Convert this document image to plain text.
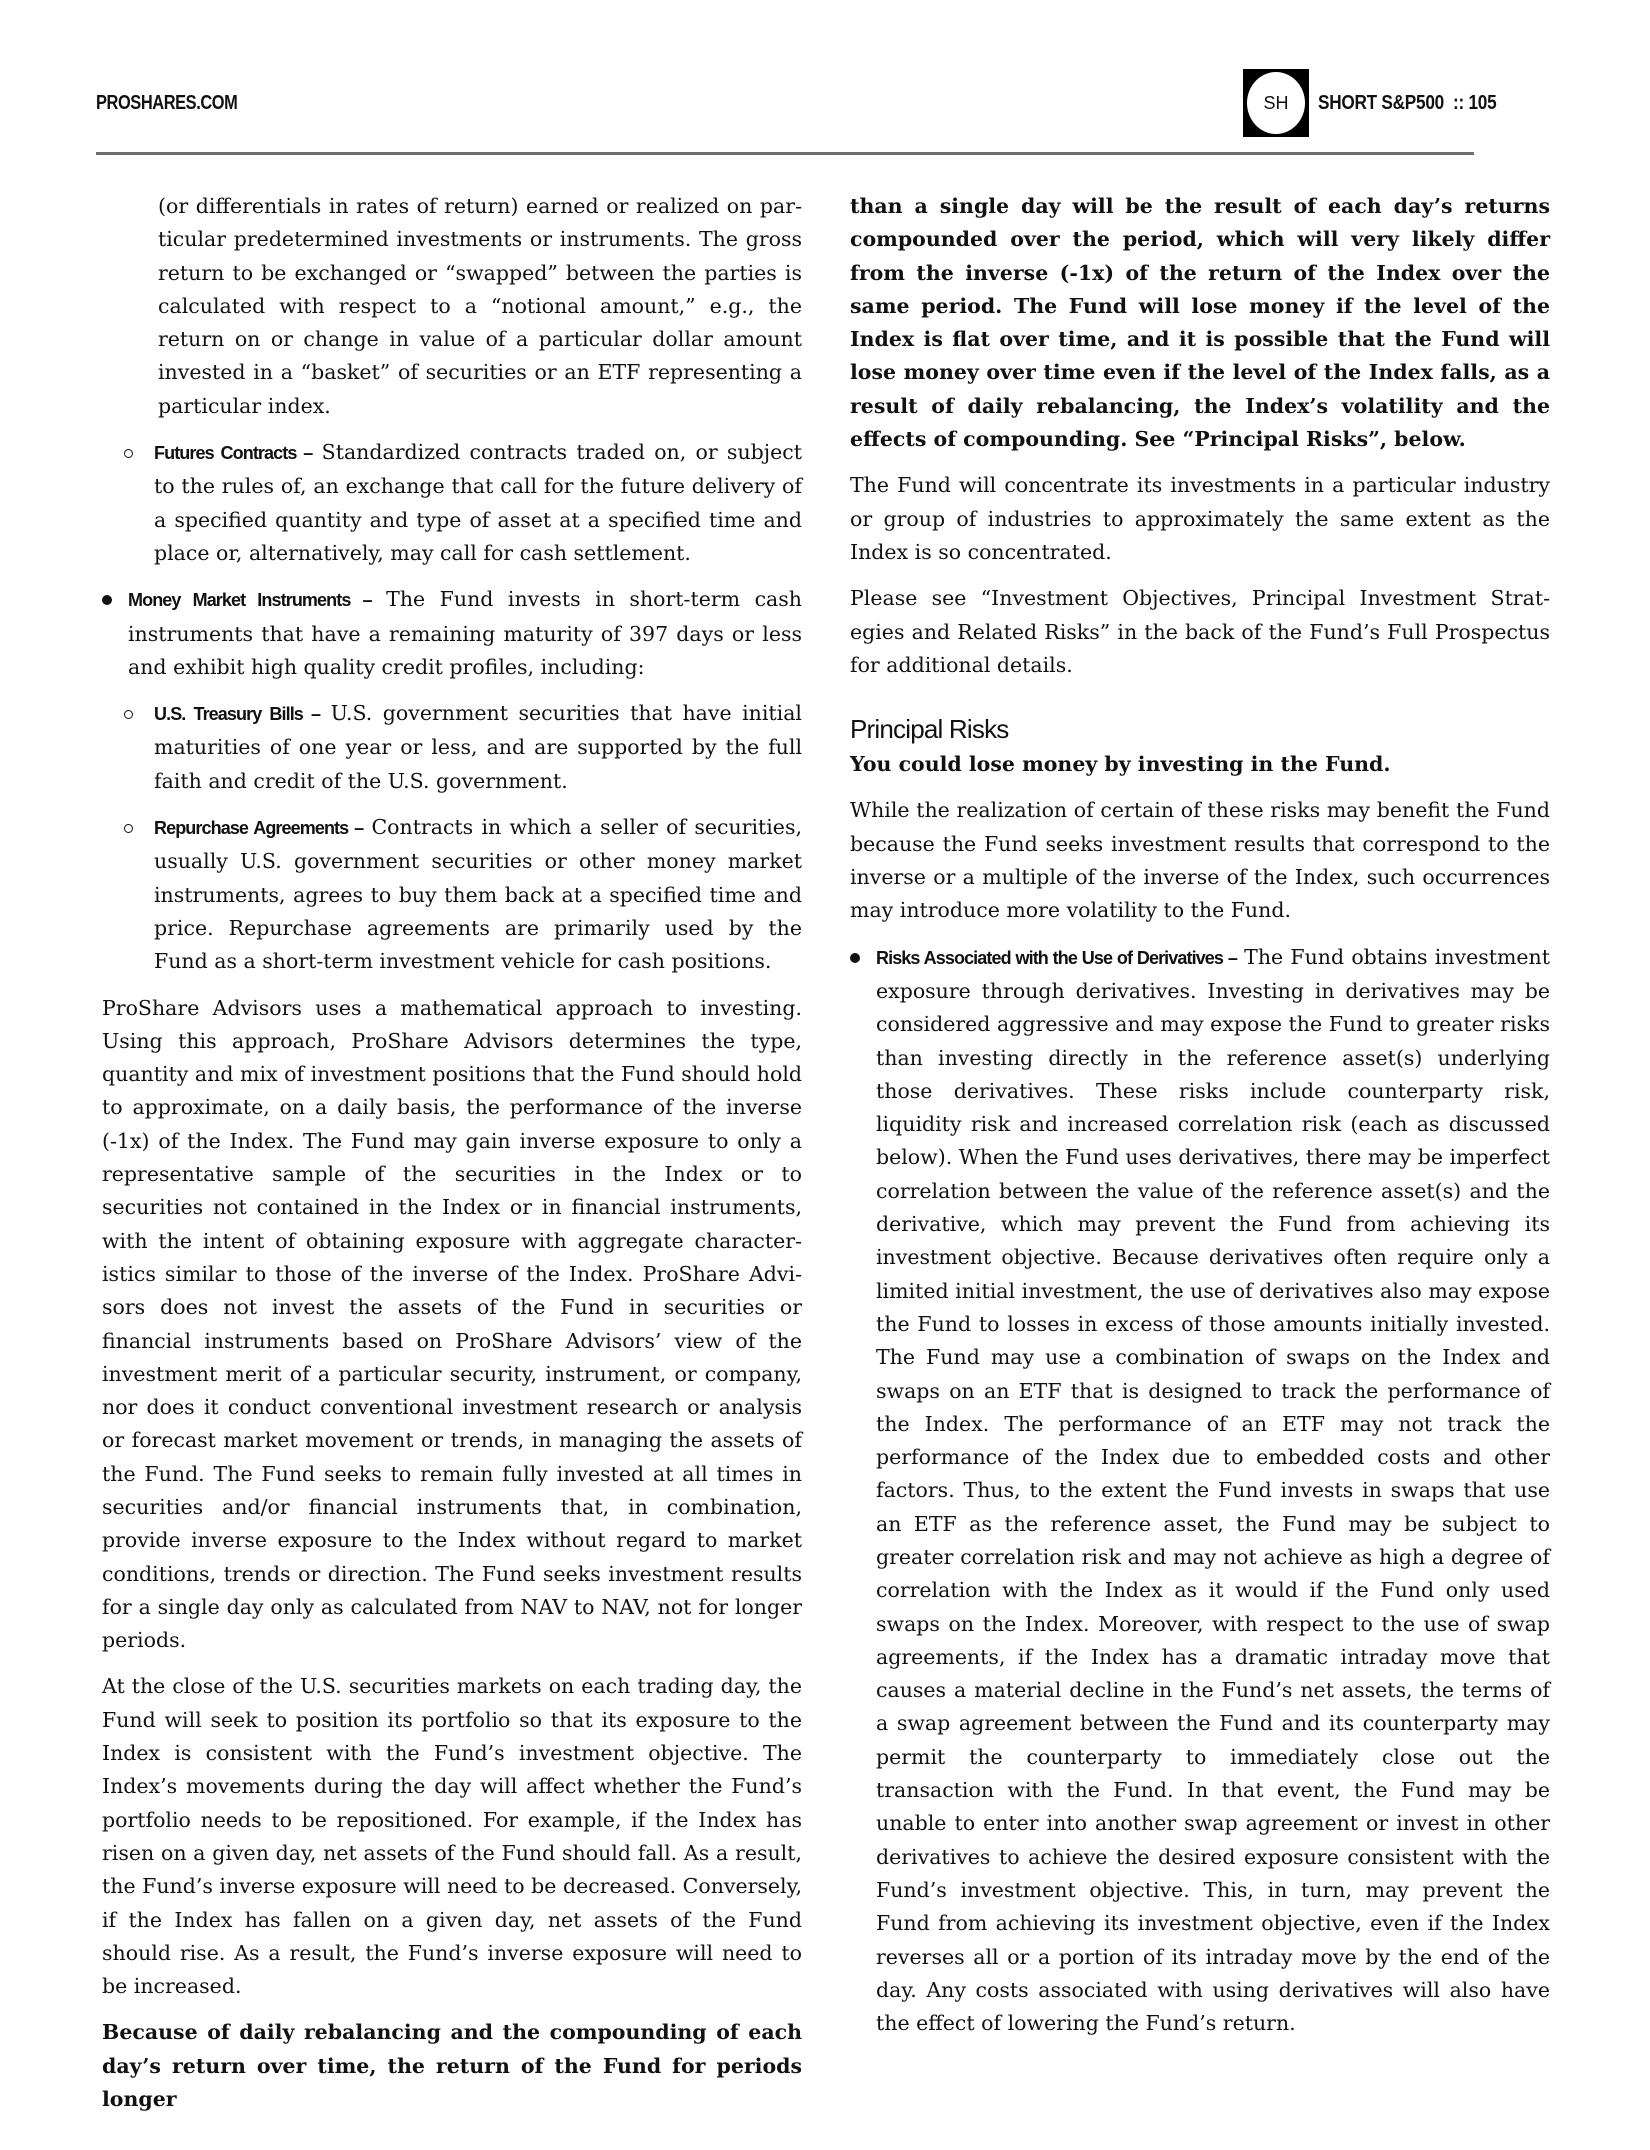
PROSHARES.COM	SH	SHORT S&P500  :: 105

(or differentials in rates of return) earned or realized on particular predetermined investments or instruments. The gross return to be exchanged or “swapped” between the parties is calculated with respect to a “notional amount,” e.g., the return on or change in value of a particular dollar amount invested in a “basket” of securities or an ETF representing a particular index.

Futures Contracts – Standardized contracts traded on, or subject to the rules of, an exchange that call for the future delivery of a specified quantity and type of asset at a specified time and place or, alternatively, may call for cash settlement.
Money Market Instruments – The Fund invests in short-term cash instruments that have a remaining maturity of 397 days or less and exhibit high quality credit profiles, including:
U.S. Treasury Bills – U.S. government securities that have initial maturities of one year or less, and are supported by the full faith and credit of the U.S. government.
Repurchase Agreements – Contracts in which a seller of securities, usually U.S. government securities or other money market instruments, agrees to buy them back at a specified time and price. Repurchase agreements are primarily used by the Fund as a short-term investment vehicle for cash positions.

ProShare Advisors uses a mathematical approach to investing. Using this approach, ProShare Advisors determines the type, quantity and mix of investment positions that the Fund should hold to approximate, on a daily basis, the performance of the inverse (-1x) of the Index. The Fund may gain inverse exposure to only a representative sample of the securities in the Index or to securities not contained in the Index or in financial instruments, with the intent of obtaining exposure with aggregate characteristics similar to those of the inverse of the Index. ProShare Advisors does not invest the assets of the Fund in securities or financial instruments based on ProShare Advisors’ view of the investment merit of a particular security, instrument, or company, nor does it conduct conventional investment research or analysis or forecast market movement or trends, in managing the assets of the Fund. The Fund seeks to remain fully invested at all times in securities and/or financial instruments that, in combination, provide inverse exposure to the Index without regard to market conditions, trends or direction. The Fund seeks investment results for a single day only as calculated from NAV to NAV, not for longer periods.

At the close of the U.S. securities markets on each trading day, the Fund will seek to position its portfolio so that its exposure to the Index is consistent with the Fund’s investment objective. The Index’s movements during the day will affect whether the Fund’s portfolio needs to be repositioned. For example, if the Index has risen on a given day, net assets of the Fund should fall. As a result, the Fund’s inverse exposure will need to be decreased. Conversely, if the Index has fallen on a given day, net assets of the Fund should rise. As a result, the Fund’s inverse exposure will need to be increased.

Because of daily rebalancing and the compounding of each day’s return over time, the return of the Fund for periods longer

than a single day will be the result of each day’s returns compounded over the period, which will very likely differ from the inverse (-1x) of the return of the Index over the same period. The Fund will lose money if the level of the Index is flat over time, and it is possible that the Fund will lose money over time even if the level of the Index falls, as a result of daily rebalancing, the Index’s volatility and the effects of compounding. See “Principal Risks”, below.

The Fund will concentrate its investments in a particular industry or group of industries to approximately the same extent as the Index is so concentrated.

Please see “Investment Objectives, Principal Investment Strategies and Related Risks” in the back of the Fund’s Full Prospectus for additional details.

Principal Risks

You could lose money by investing in the Fund.

While the realization of certain of these risks may benefit the Fund because the Fund seeks investment results that correspond to the inverse or a multiple of the inverse of the Index, such occurrences may introduce more volatility to the Fund.

Risks Associated with the Use of Derivatives – The Fund obtains investment exposure through derivatives. Investing in derivatives may be considered aggressive and may expose the Fund to greater risks than investing directly in the reference asset(s) underlying those derivatives. These risks include counterparty risk, liquidity risk and increased correlation risk (each as discussed below). When the Fund uses derivatives, there may be imperfect correlation between the value of the reference asset(s) and the derivative, which may prevent the Fund from achieving its investment objective. Because derivatives often require only a limited initial investment, the use of derivatives also may expose the Fund to losses in excess of those amounts initially invested. The Fund may use a combination of swaps on the Index and swaps on an ETF that is designed to track the performance of the Index. The performance of an ETF may not track the performance of the Index due to embedded costs and other factors. Thus, to the extent the Fund invests in swaps that use an ETF as the reference asset, the Fund may be subject to greater correlation risk and may not achieve as high a degree of correlation with the Index as it would if the Fund only used swaps on the Index. Moreover, with respect to the use of swap agreements, if the Index has a dramatic intraday move that causes a material decline in the Fund’s net assets, the terms of a swap agreement between the Fund and its counterparty may permit the counterparty to immediately close out the transaction with the Fund. In that event, the Fund may be unable to enter into another swap agreement or invest in other derivatives to achieve the desired exposure consistent with the Fund’s investment objective. This, in turn, may prevent the Fund from achieving its investment objective, even if the Index reverses all or a portion of its intraday move by the end of the day. Any costs associated with using derivatives will also have the effect of lowering the Fund’s return.
